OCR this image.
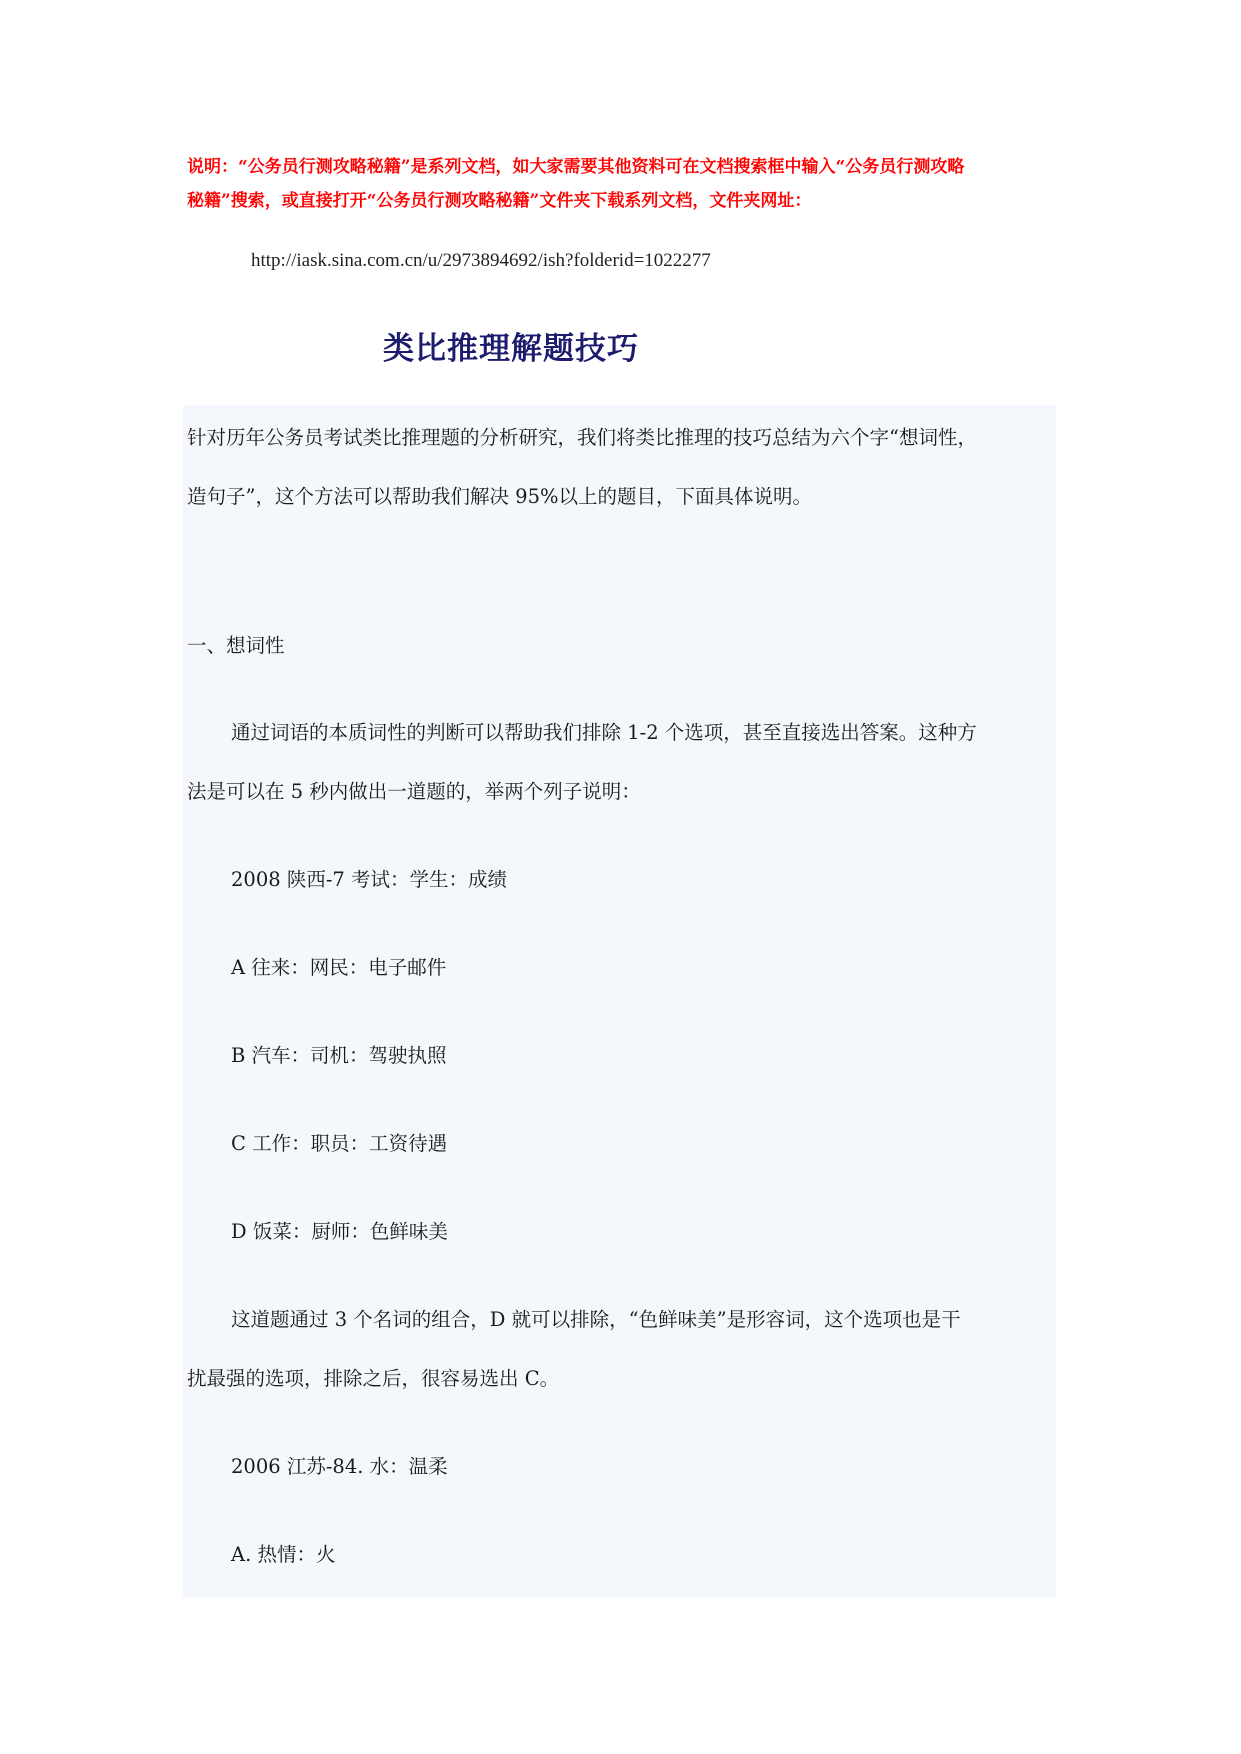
说明：“公务员行测攻略秘籍”是系列文档，如大家需要其他资料可在文档搜索框中输入“公务员行测攻略
秘籍”搜索，或直接打开“公务员行测攻略秘籍”文件夹下载系列文档，文件夹网址：
http://iask.sina.com.cn/u/2973894692/ish?folderid=1022277
类比推理解题技巧
针对历年公务员考试类比推理题的分析研究，我们将类比推理的技巧总结为六个字“想词性，
造句子”，这个方法可以帮助我们解决 95%以上的题目，下面具体说明。
一、想词性
通过词语的本质词性的判断可以帮助我们排除 1-2 个选项，甚至直接选出答案。这种方
法是可以在 5 秒内做出一道题的，举两个列子说明：
2008 陕西-7 考试：学生：成绩
A 往来：网民：电子邮件
B 汽车：司机：驾驶执照
C 工作：职员：工资待遇
D 饭菜：厨师：色鲜味美
这道题通过 3 个名词的组合，D 就可以排除，“色鲜味美”是形容词，这个选项也是干
扰最强的选项，排除之后，很容易选出 C。
2006 江苏-84. 水：温柔
A. 热情：火
